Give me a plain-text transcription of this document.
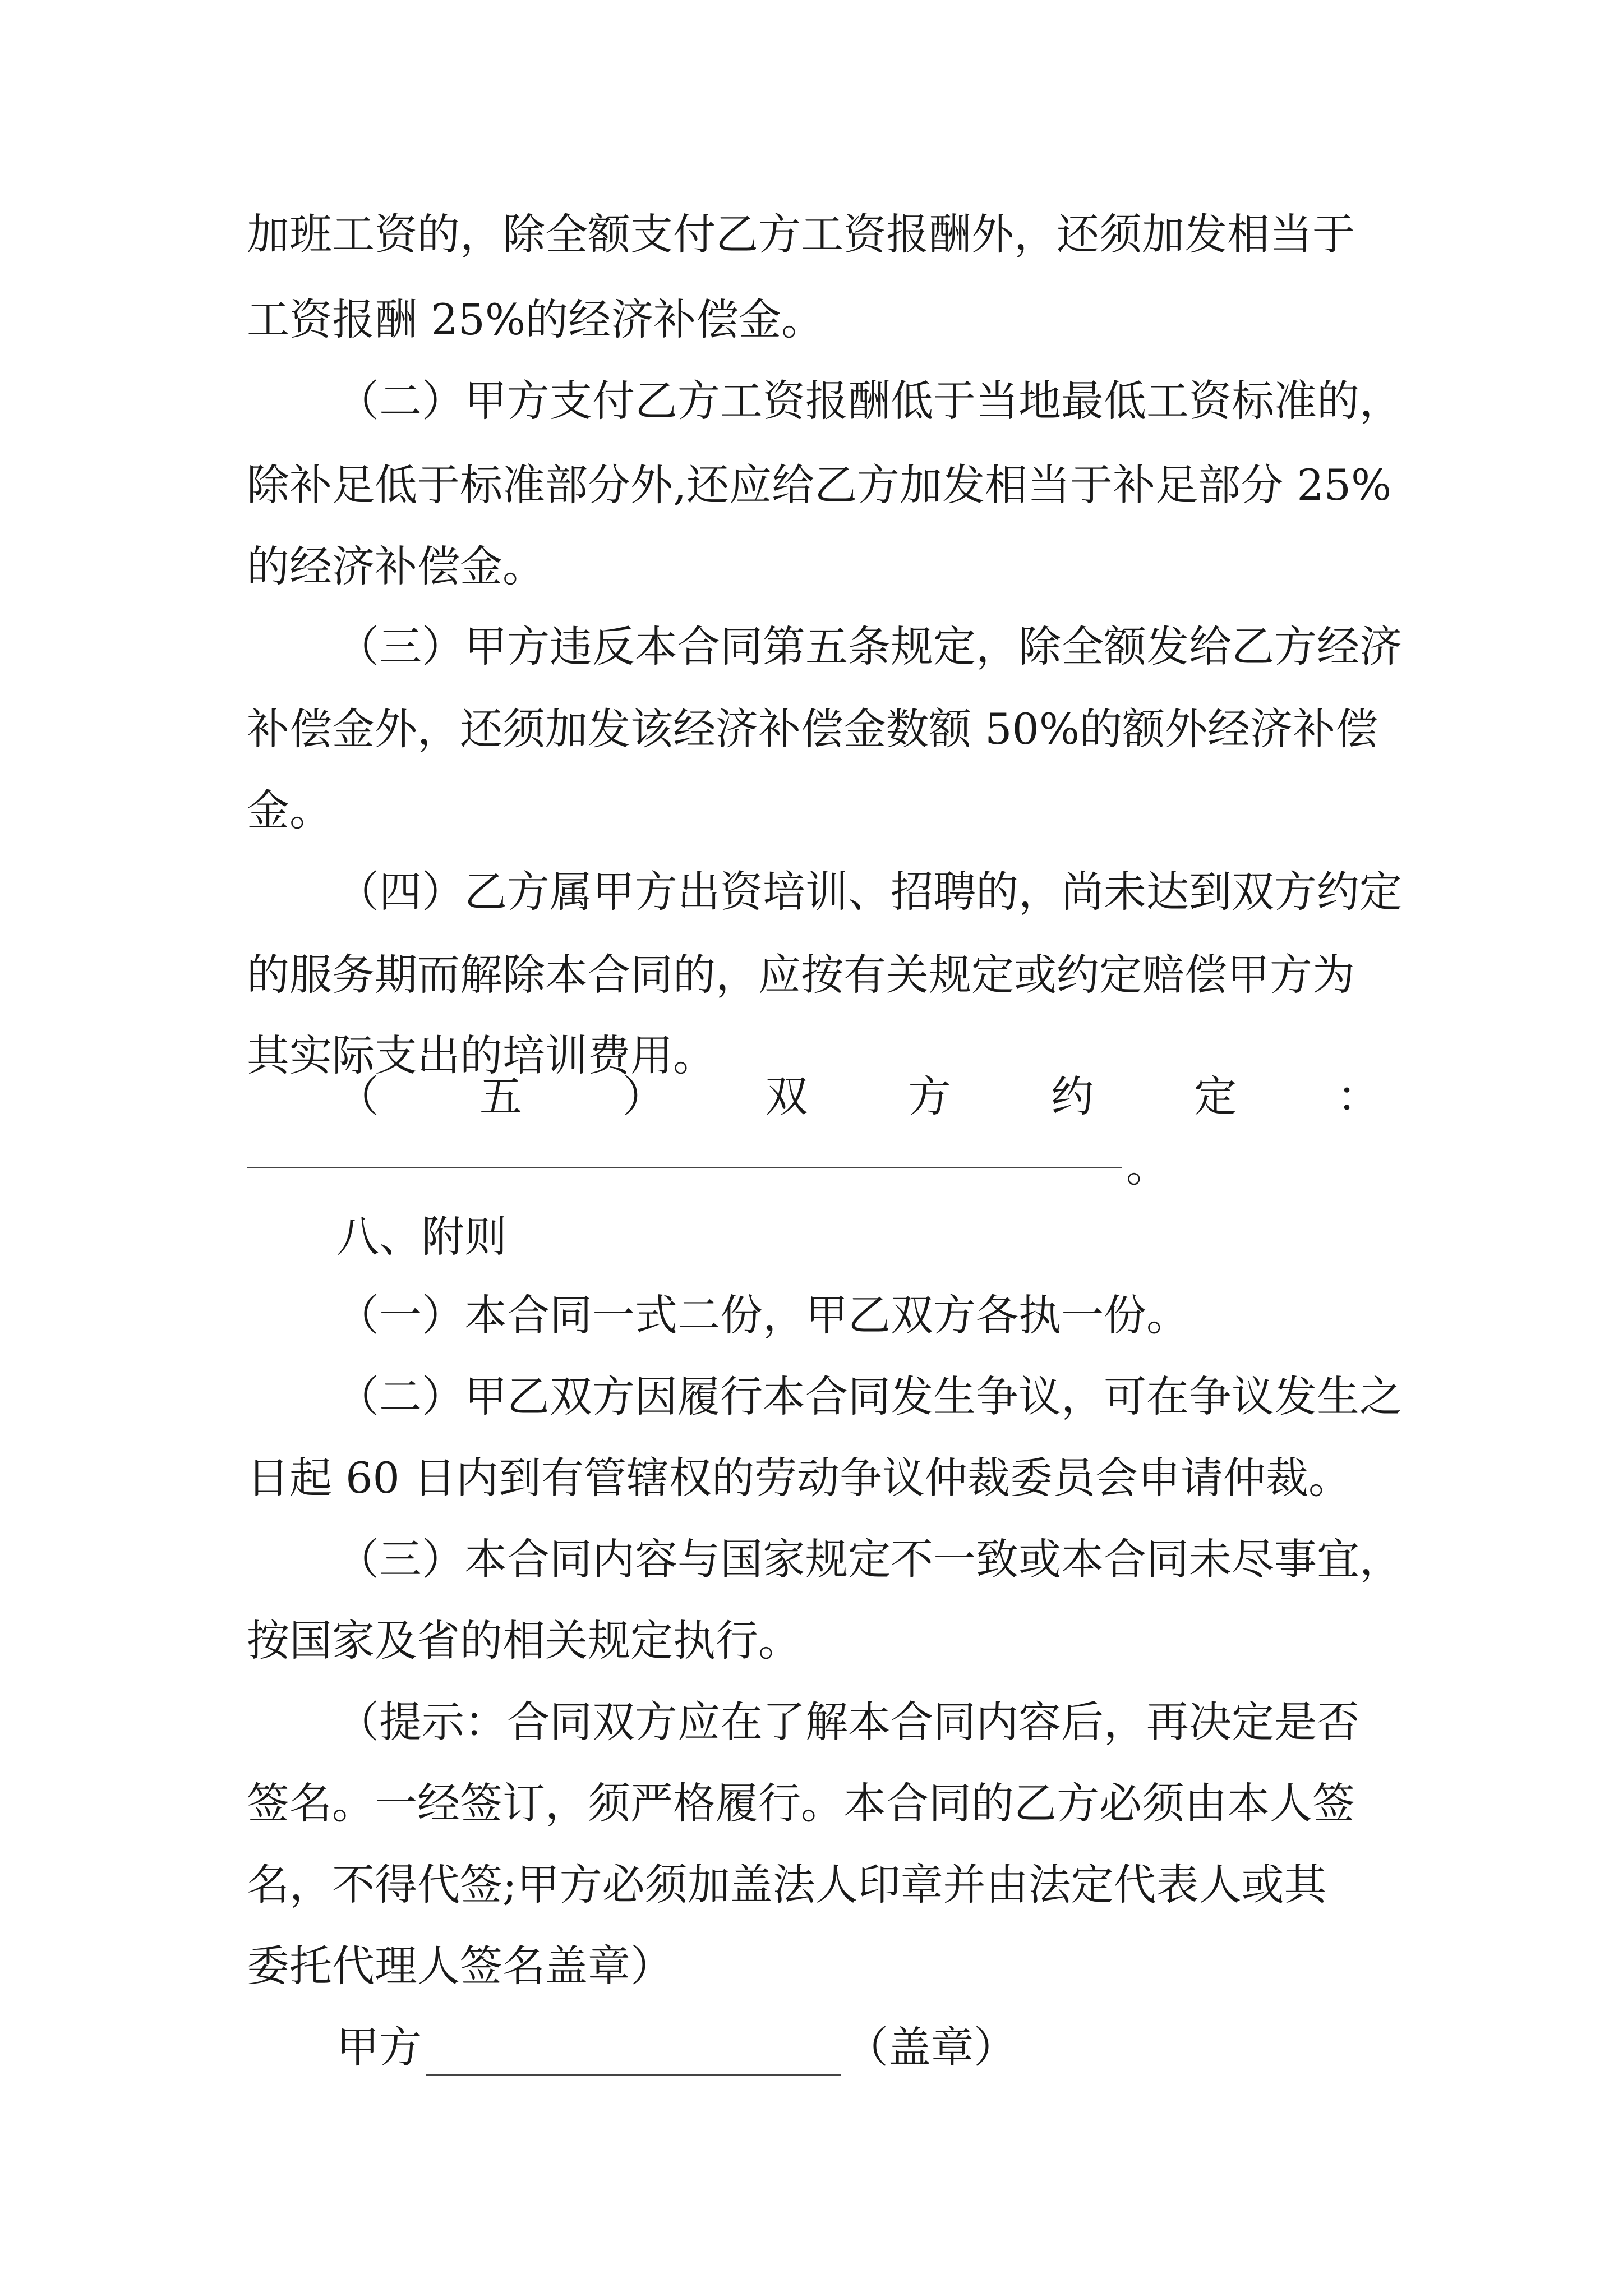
加班工资的，除全额支付乙方工资报酬外，还须加发相当于
工资报酬 25%的经济补偿金。
（二）甲方支付乙方工资报酬低于当地最低工资标准的，
除补足低于标准部分外,还应给乙方加发相当于补足部分 25%
的经济补偿金。
（三）甲方违反本合同第五条规定，除全额发给乙方经济
补偿金外，还须加发该经济补偿金数额 50%的额外经济补偿
金。
（四）乙方属甲方出资培训、招聘的，尚未达到双方约定
的服务期而解除本合同的，应按有关规定或约定赔偿甲方为
其实际支出的培训费用。
（ 五 ） 双 方 约 定 ：
。
八、附则
（一）本合同一式二份，甲乙双方各执一份。
（二）甲乙双方因履行本合同发生争议，可在争议发生之
日起 60 日内到有管辖权的劳动争议仲裁委员会申请仲裁。
（三）本合同内容与国家规定不一致或本合同未尽事宜，
按国家及省的相关规定执行。
（提示：合同双方应在了解本合同内容后，再决定是否
签名。一经签订，须严格履行。本合同的乙方必须由本人签
名，不得代签;甲方必须加盖法人印章并由法定代表人或其
委托代理人签名盖章）
甲方	（盖章）
